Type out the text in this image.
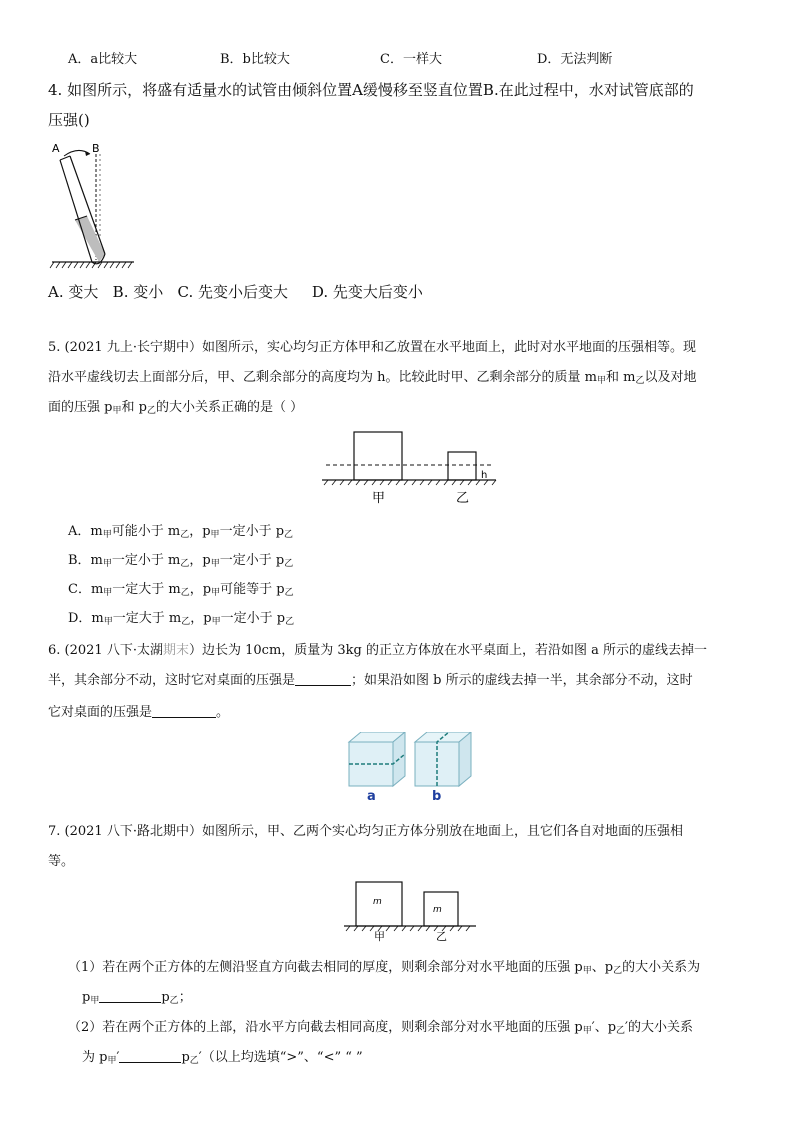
A．a比较大	B．b比较大	C．一样大	D．无法判断
4. 如图所示，将盛有适量水的试管由倾斜位置A缓慢移至竖直位置B.在此过程中，水对试管底部的
压强()
A	B
A. 变大   B. 变小   C. 先变小后变大     D. 先变大后变小
5. (2021 九上·长宁期中）如图所示，实心均匀正方体甲和乙放置在水平地面上，此时对水平地面的压强相等。现
沿水平虚线切去上面部分后，甲、乙剩余部分的高度均为 h。比较此时甲、乙剩余部分的质量 $m_甲$和 $m_乙$以及对地
面的压强 $p_甲$和 $p_乙$的大小关系正确的是（ ）
h
甲	乙
A．$m_甲$可能小于 $m_乙$，$p_甲$一定小于 $p_乙$
B．$m_甲$一定小于 $m_乙$，$p_甲$一定小于 $p_乙$
C．$m_甲$一定大于 $m_乙$，$p_甲$可能等于 $p_乙$
D．$m_甲$一定大于 $m_乙$，$p_甲$一定小于 $p_乙$
6. (2021 八下·太湖期末）边长为 10cm，质量为 3kg 的正立方体放在水平桌面上，若沿如图 a 所示的虚线去掉一
半，其余部分不动，这时它对桌面的压强是	；如果沿如图 b 所示的虚线去掉一半，其余部分不动，这时
它对桌面的压强是	。
a	b
7. (2021 八下·路北期中）如图所示，甲、乙两个实心均匀正方体分别放在地面上，且它们各自对地面的压强相
等。
m
m
甲	乙
（1）若在两个正方体的左侧沿竖直方向截去相同的厚度，则剩余部分对水平地面的压强 $p_甲$、$p_乙$的大小关系为
$p_甲$	$p_乙$；
（2）若在两个正方体的上部，沿水平方向截去相同高度，则剩余部分对水平地面的压强 $p_甲'$、$p_乙'$的大小关系
为 $p_甲'$	$p_乙'$（以上均选填“>”、“<” “ ”
